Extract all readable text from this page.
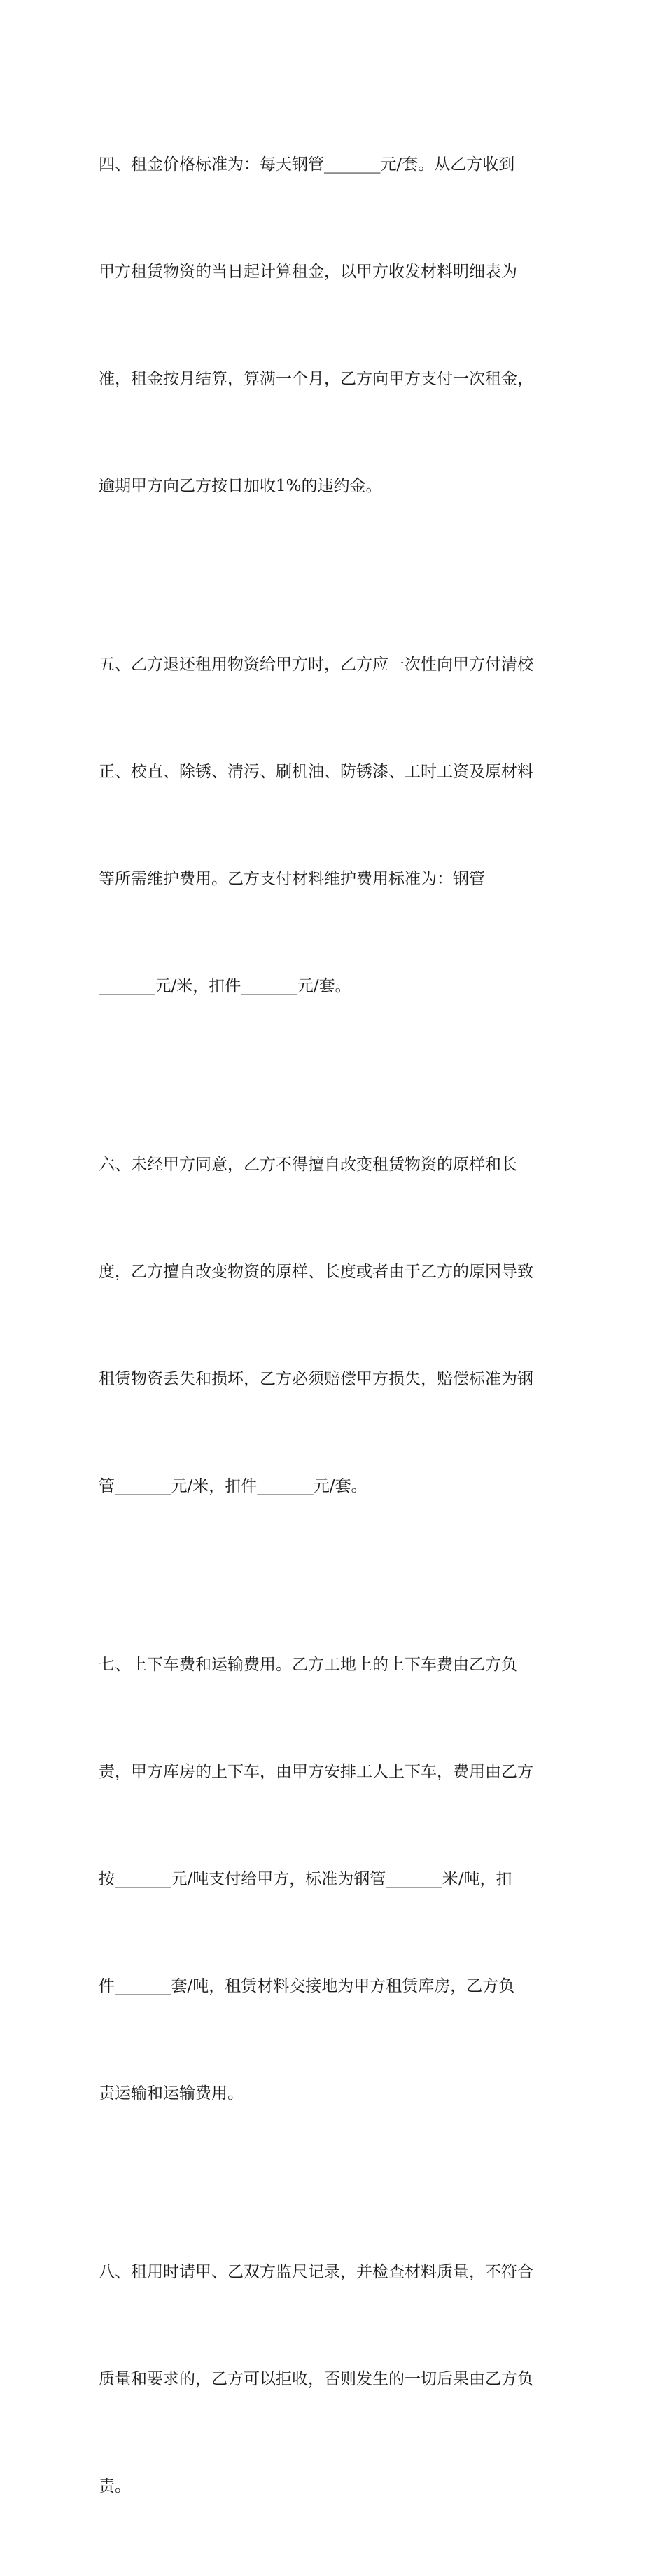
四、租金价格标准为：每天钢管_______元/套。从乙方收到

甲方租赁物资的当日起计算租金，以甲方收发材料明细表为

准，租金按月结算，算满一个月，乙方向甲方支付一次租金，

逾期甲方向乙方按日加收1%的违约金。

五、乙方退还租用物资给甲方时，乙方应一次性向甲方付清校

正、校直、除锈、清污、刷机油、防锈漆、工时工资及原材料

等所需维护费用。乙方支付材料维护费用标准为：钢管

_______元/米，扣件_______元/套。

六、未经甲方同意，乙方不得擅自改变租赁物资的原样和长

度，乙方擅自改变物资的原样、长度或者由于乙方的原因导致

租赁物资丢失和损坏，乙方必须赔偿甲方损失，赔偿标准为钢

管_______元/米，扣件_______元/套。

七、上下车费和运输费用。乙方工地上的上下车费由乙方负

责，甲方库房的上下车，由甲方安排工人上下车，费用由乙方

按_______元/吨支付给甲方，标准为钢管_______米/吨，扣

件_______套/吨，租赁材料交接地为甲方租赁库房，乙方负

责运输和运输费用。

八、租用时请甲、乙双方监尺记录，并检查材料质量，不符合

质量和要求的，乙方可以拒收，否则发生的一切后果由乙方负

责。
